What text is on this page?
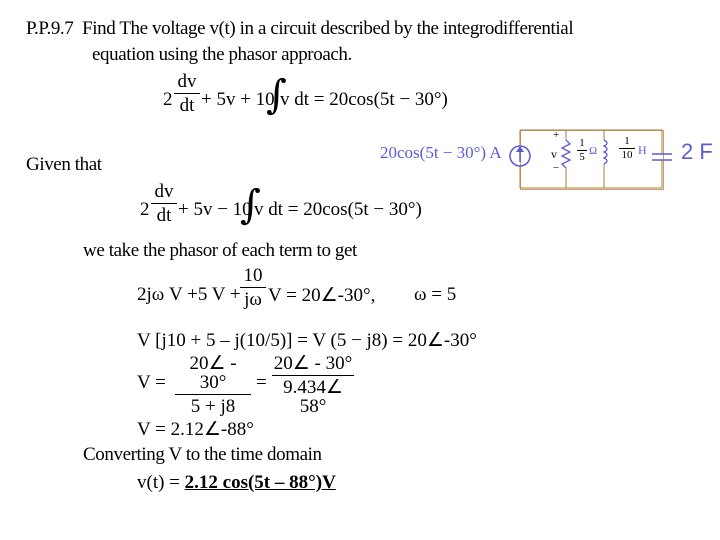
P.P.9.7 Find The voltage v(t) in a circuit described by the integrodifferential
equation using the phasor approach.
2
dv
dt + 5v + 10
∫
v dt = 20cos(5t − 30°)
20cos(5t − 30°) A
+
v
−
1
5 Ω
1
10 H 2 F
Given that
2
dv
dt + 5v − 10
∫
v dt = 20cos(5t − 30°)
we take the phasor of each term to get
2jω V +5 V +
10
jω V = 20∠-30°, ω = 5
V [j10 + 5 – j(10/5)] = V (5 − j8) = 20∠-30°
V =
20∠ - 30°
5 + j8
=
20∠ - 30°
9.434∠58°
V = 2.12∠-88°
Converting V to the time domain
v(t) = 2.12 cos(5t – 88°)V
